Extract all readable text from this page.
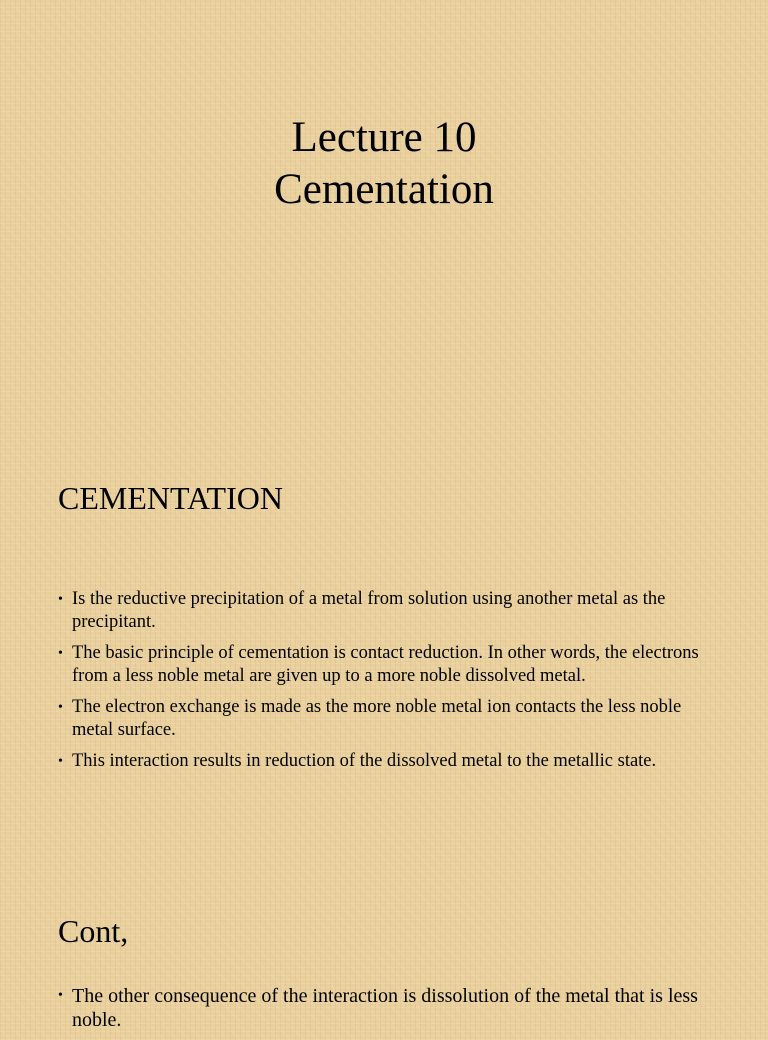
Lecture 10
Cementation
CEMENTATION
• Is the reductive precipitation of a metal from solution using another metal as the precipitant.
• The basic principle of cementation is contact reduction. In other words, the electrons from a less noble metal are given up to a more noble dissolved metal.
• The electron exchange is made as the more noble metal ion contacts the less noble metal surface.
• This interaction results in reduction of the dissolved metal to the metallic state.
Cont,
• The other consequence of the interaction is dissolution of the metal that is less noble.
